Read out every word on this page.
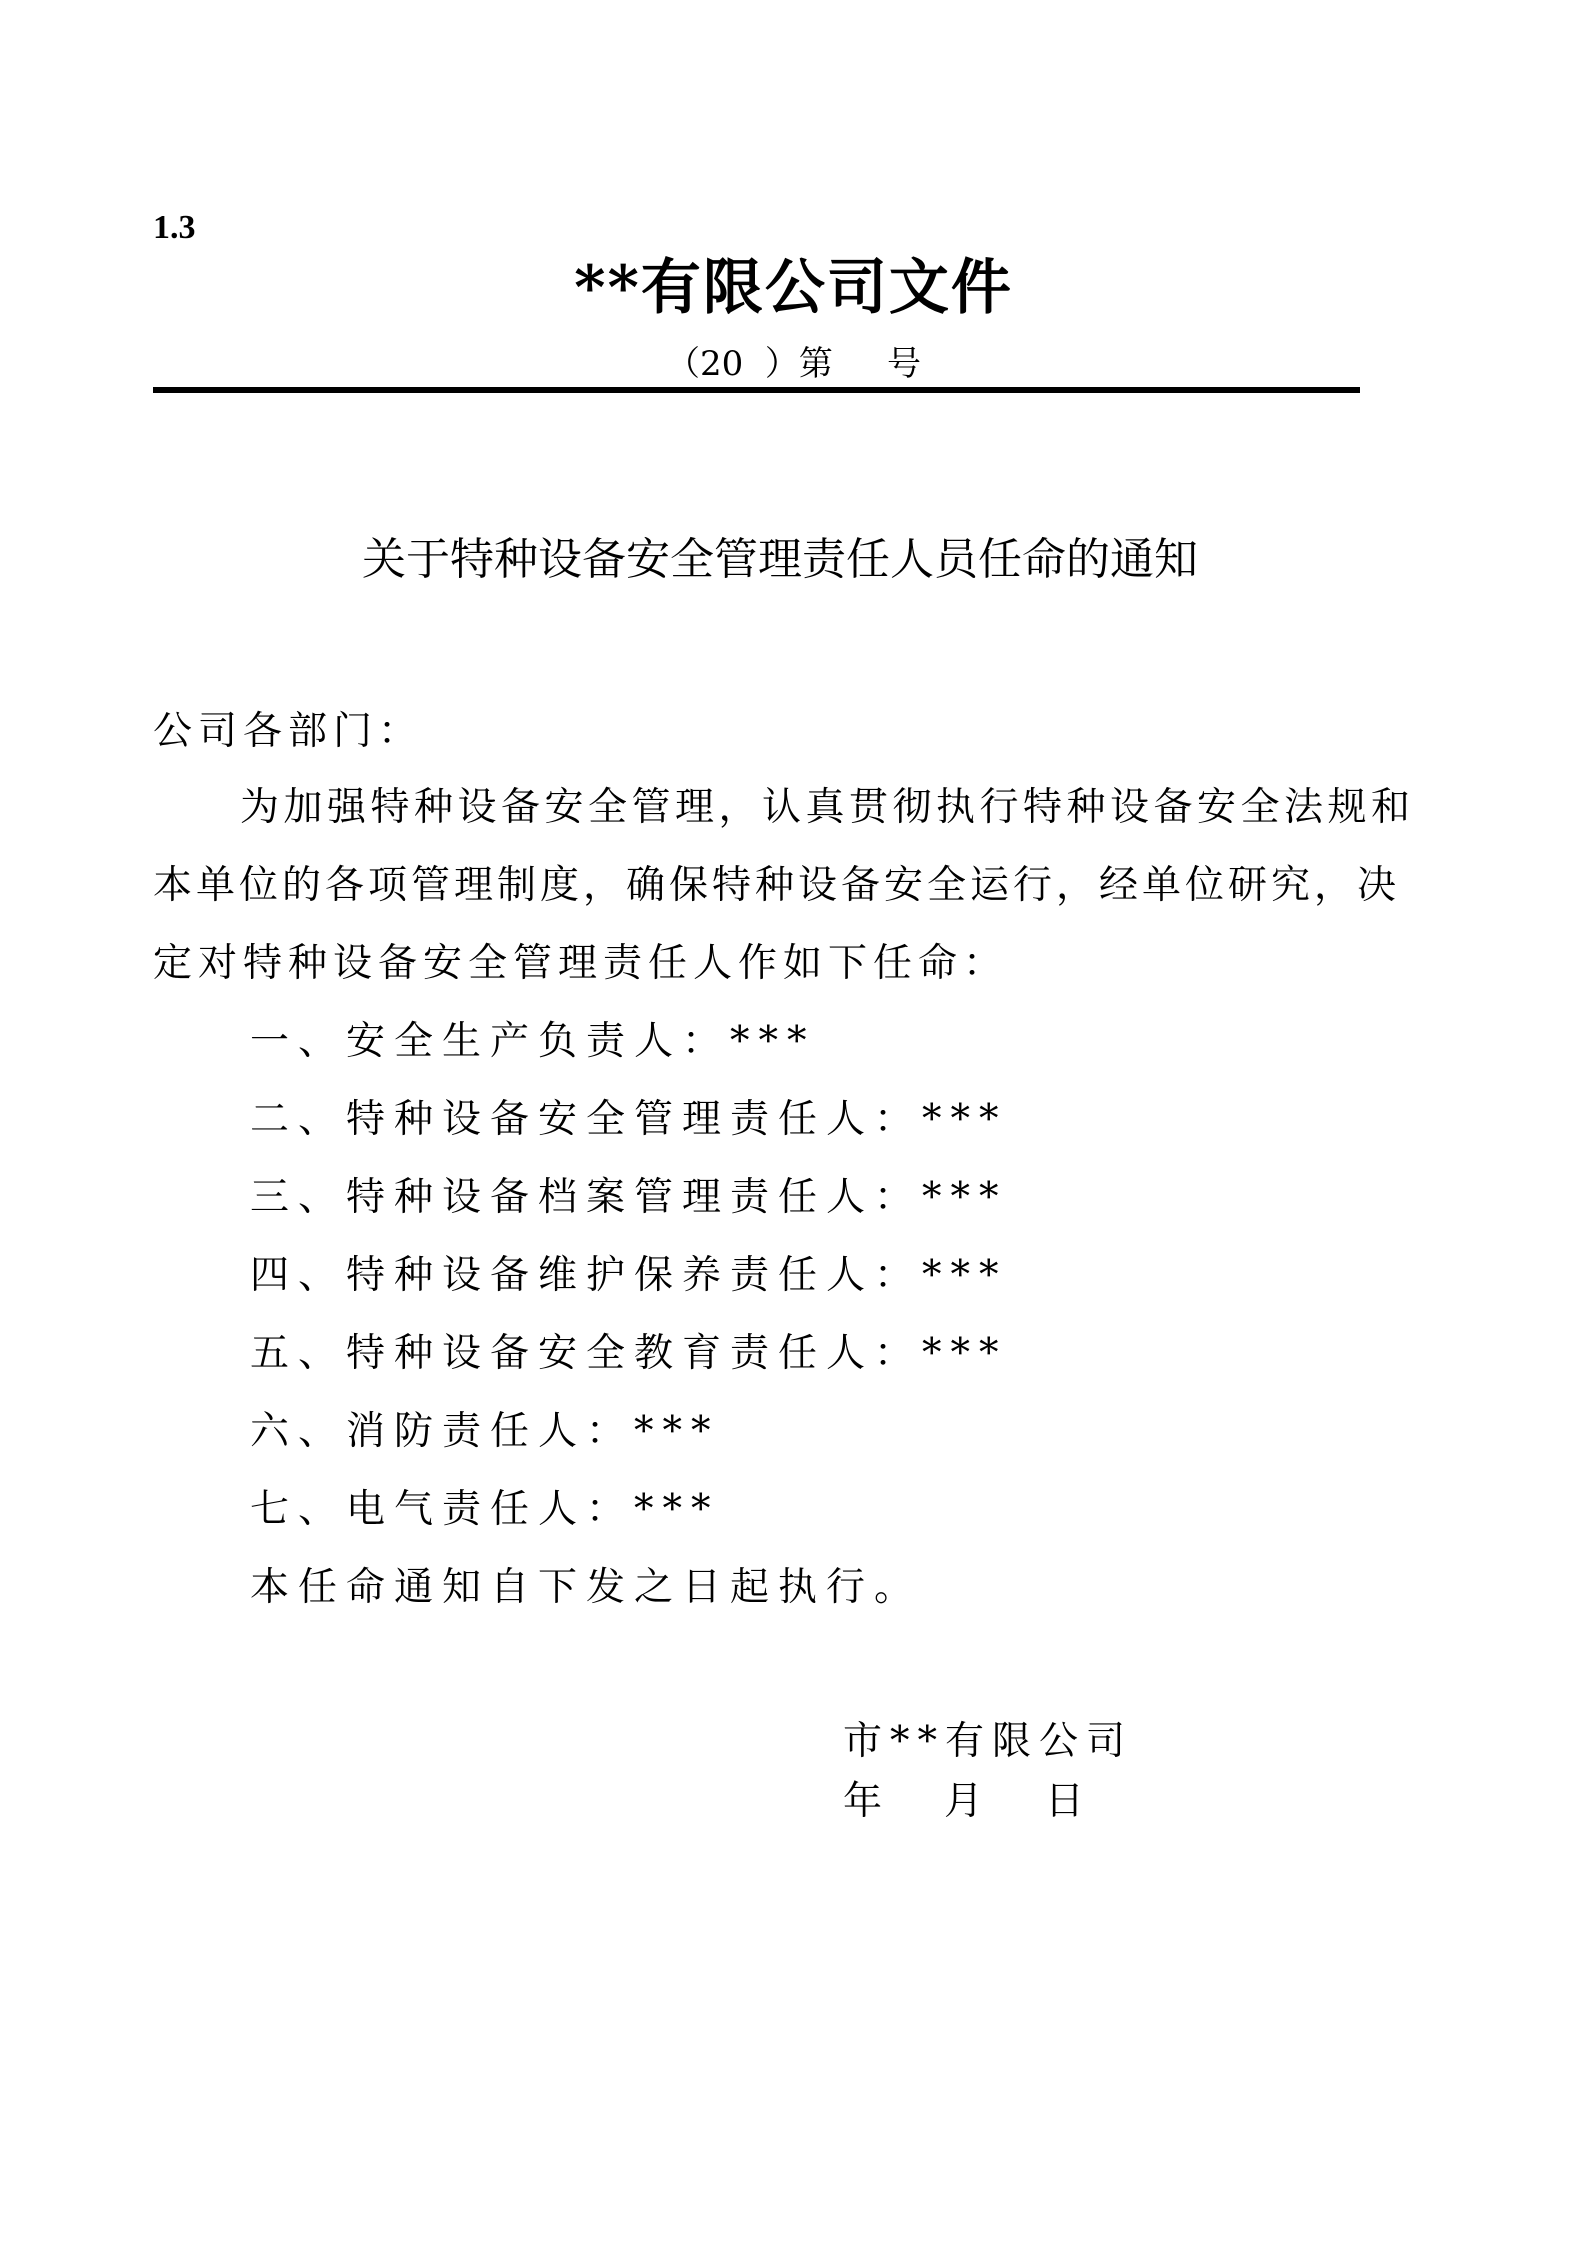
1.3
**有限公司文件
（20  ）第     号
关于特种设备安全管理责任人员任命的通知
公司各部门：
为加强特种设备安全管理，认真贯彻执行特种设备安全法规和
本单位的各项管理制度，确保特种设备安全运行，经单位研究，决
定对特种设备安全管理责任人作如下任命：
一、安全生产负责人：***
二、特种设备安全管理责任人：***
三、特种设备档案管理责任人：***
四、特种设备维护保养责任人：***
五、特种设备安全教育责任人：***
六、消防责任人：***
七、电气责任人：***
本任命通知自下发之日起执行。
市**有限公司
年 月 日
